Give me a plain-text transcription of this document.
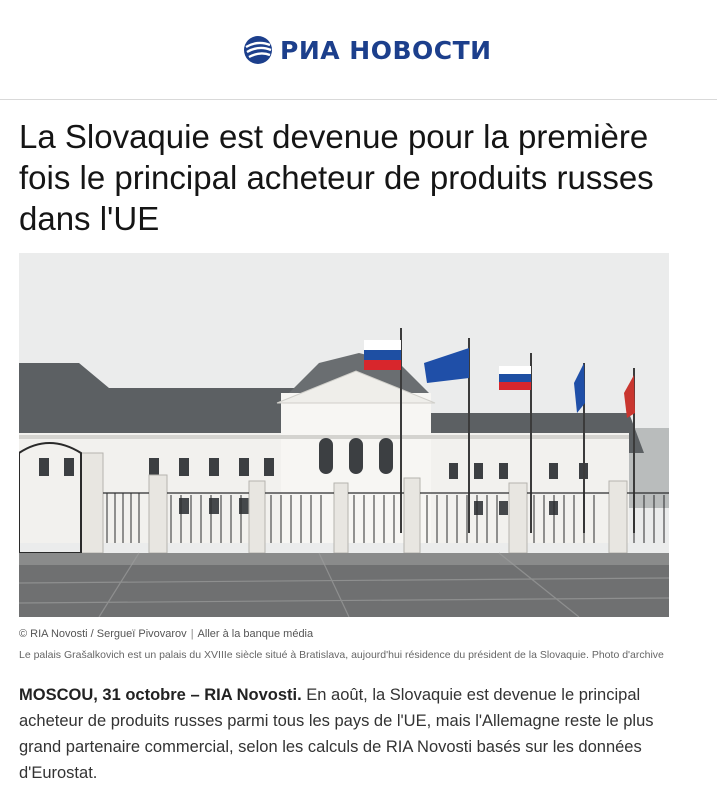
РИА НОВОСТИ
La Slovaquie est devenue pour la première fois le principal acheteur de produits russes dans l'UE
© RIA Novosti / Sergueï Pivovarov | Aller à la banque média

Le palais Grašalkovich est un palais du XVIIIe siècle situé à Bratislava, aujourd'hui résidence du président de la Slovaquie. Photo d'archive

MOSCOU, 31 octobre – RIA Novosti. En août, la Slovaquie est devenue le principal acheteur de produits russes parmi tous les pays de l'UE, mais l'Allemagne reste le plus grand partenaire commercial, selon les calculs de RIA Novosti basés sur les données d'Eurostat.
